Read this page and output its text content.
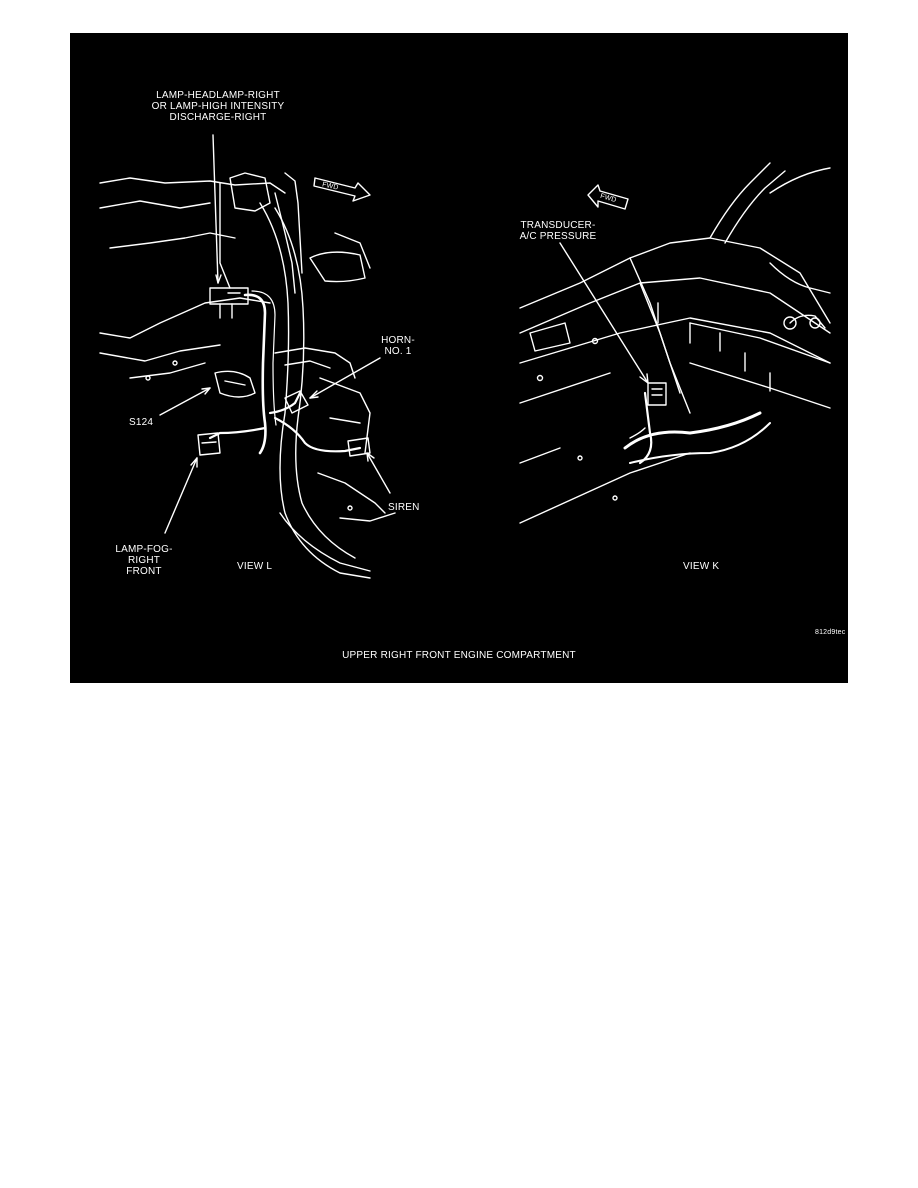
LAMP-HEADLAMP-RIGHT
OR LAMP-HIGH INTENSITY
DISCHARGE-RIGHT
FWD
HORN-
NO. 1
S124
SIREN
LAMP-FOG-
RIGHT
FRONT	VIEW L
FWD
TRANSDUCER-
A/C PRESSURE
VIEW K
812d9tec
UPPER RIGHT FRONT ENGINE COMPARTMENT
